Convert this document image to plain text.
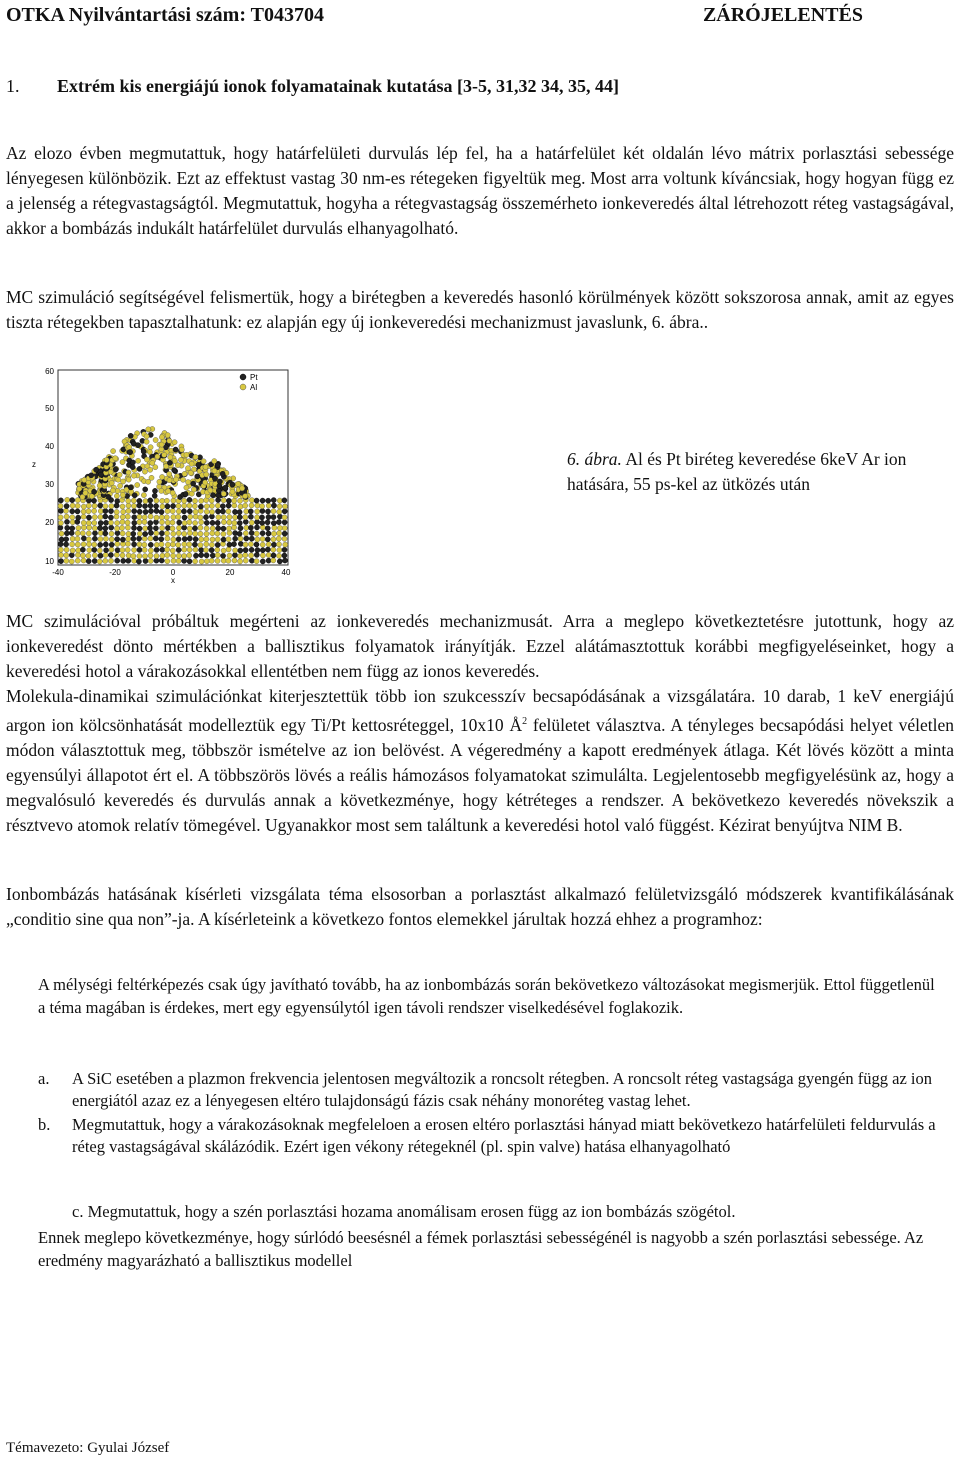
OTKA Nyilvántartási szám: T043704	ZÁRÓJELENTÉS
1. Extrém kis energiájú ionok folyamatainak kutatása [3-5, 31,32 34, 35, 44]

Az elozo évben megmutattuk, hogy határfelületi durvulás lép fel, ha a határfelület két oldalán lévo mátrix porlasztási sebessége lényegesen különbözik. Ezt az effektust vastag 30 nm-es rétegeken figyeltük meg. Most arra voltunk kíváncsiak, hogy hogyan függ ez a jelenség a rétegvastagságtól. Megmutattuk, hogyha a rétegvastagság összemérheto ionkeveredés által létrehozott réteg vastagságával, akkor a bombázás indukált határfelület durvulás elhanyagolható.

MC szimuláció segítségével felismertük, hogy a birétegben a keveredés hasonló körülmények között sokszorosa annak, amit az egyes tiszta rétegekben tapasztalhatunk: ez alapján egy új ionkeveredési mechanizmust javaslunk, 6. ábra..

10
20
30
40
50
60
-40	-20	0	20	40
x
z
Pt
Al
6. ábra. Al és Pt biréteg keveredése 6keV Ar ion hatására, 55 ps-kel az ütközés után

MC szimulációval próbáltuk megérteni az ionkeveredés mechanizmusát. Arra a meglepo következtetésre jutottunk, hogy az ionkeveredést dönto mértékben a ballisztikus folyamatok irányítják. Ezzel alátámasztottuk korábbi megfigyeléseinket, hogy a keveredési hotol a várakozásokkal ellentétben nem függ az ionos keveredés.

Molekula-dinamikai szimulációnkat kiterjesztettük több ion szukcesszív becsapódásának a vizsgálatára. 10 darab, 1 keV energiájú argon ion kölcsönhatását modelleztük egy Ti/Pt kettosréteggel, 10x10 $Å^2$ felületet választva. A tényleges becsapódási helyet véletlen módon választottuk meg, többször ismételve az ion belövést. A végeredmény a kapott eredmények átlaga. Két lövés között a minta egyensúlyi állapotot ért el. A többszörös lövés a reális hámozásos folyamatokat szimulálta. Legjelentosebb megfigyelésünk az, hogy a megvalósuló keveredés és durvulás annak a következménye, hogy kétréteges a rendszer. A bekövetkezo keveredés növekszik a résztvevo atomok relatív tömegével. Ugyanakkor most sem találtunk a keveredési hotol való függést. Kézirat benyújtva NIM B.

Ionbombázás hatásának kísérleti vizsgálata téma elsosorban a porlasztást alkalmazó felületvizsgáló módszerek kvantifikálásának „conditio sine qua non”-ja. A kísérleteink a következo fontos elemekkel járultak hozzá ehhez a programhoz:

A mélységi feltérképezés csak úgy javítható tovább, ha az ionbombázás során bekövetkezo változásokat megismerjük. Ettol függetlenül a téma magában is érdekes, mert egy egyensúlytól igen távoli rendszer viselkedésével foglakozik.

a. A SiC esetében a plazmon frekvencia jelentosen megváltozik a roncsolt rétegben. A roncsolt réteg vastagsága gyengén függ az ion energiától azaz ez a lényegesen eltéro tulajdonságú fázis csak néhány monoréteg vastag lehet.
b. Megmutattuk, hogy a várakozásoknak megfeleloen a erosen eltéro porlasztási hányad miatt bekövetkezo határfelületi feldurvulás a réteg vastagságával skálázódik. Ezért igen vékony rétegeknél (pl. spin valve) hatása elhanyagolható
c. Megmutattuk, hogy a szén porlasztási hozama anomálisam erosen függ az ion bombázás szögétol.

Ennek meglepo következménye, hogy súrlódó beesésnél a fémek porlasztási sebességénél is nagyobb a szén porlasztási sebessége. Az eredmény magyarázható a ballisztikus modellel

Témavezeto: Gyulai József
